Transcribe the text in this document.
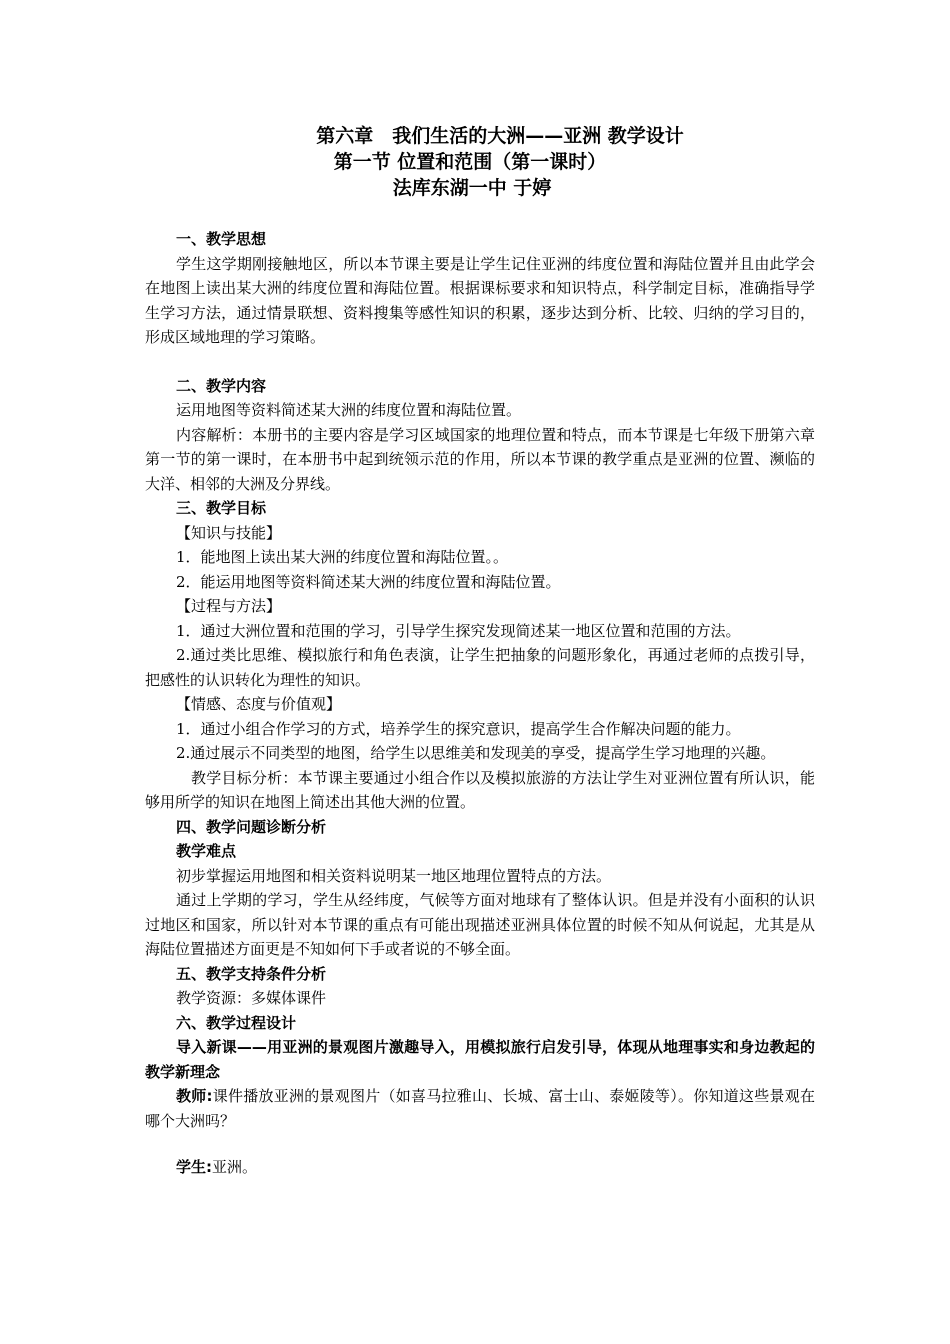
第六章　我们生活的大洲——亚洲 教学设计
第一节 位置和范围（第一课时）
法库东湖一中 于婷

一、教学思想

学生这学期刚接触地区，所以本节课主要是让学生记住亚洲的纬度位置和海陆位置并且由此学会在地图上读出某大洲的纬度位置和海陆位置。根据课标要求和知识特点，科学制定目标，准确指导学生学习方法，通过情景联想、资料搜集等感性知识的积累，逐步达到分析、比较、归纳的学习目的，形成区域地理的学习策略。

二、教学内容

运用地图等资料简述某大洲的纬度位置和海陆位置。

内容解析：本册书的主要内容是学习区域国家的地理位置和特点，而本节课是七年级下册第六章第一节的第一课时，在本册书中起到统领示范的作用，所以本节课的教学重点是亚洲的位置、濒临的大洋、相邻的大洲及分界线。

三、教学目标

【知识与技能】

1．能地图上读出某大洲的纬度位置和海陆位置。。

2．能运用地图等资料简述某大洲的纬度位置和海陆位置。

【过程与方法】

1．通过大洲位置和范围的学习，引导学生探究发现简述某一地区位置和范围的方法。

2.通过类比思维、模拟旅行和角色表演，让学生把抽象的问题形象化，再通过老师的点拨引导，把感性的认识转化为理性的知识。

【情感、态度与价值观】

1．通过小组合作学习的方式，培养学生的探究意识，提高学生合作解决问题的能力。

2.通过展示不同类型的地图，给学生以思维美和发现美的享受，提高学生学习地理的兴趣。

教学目标分析：本节课主要通过小组合作以及模拟旅游的方法让学生对亚洲位置有所认识，能够用所学的知识在地图上简述出其他大洲的位置。

四、教学问题诊断分析

教学难点

初步掌握运用地图和相关资料说明某一地区地理位置特点的方法。

通过上学期的学习，学生从经纬度，气候等方面对地球有了整体认识。但是并没有小面积的认识过地区和国家，所以针对本节课的重点有可能出现描述亚洲具体位置的时候不知从何说起，尤其是从海陆位置描述方面更是不知如何下手或者说的不够全面。

五、教学支持条件分析

教学资源：多媒体课件

六、教学过程设计

导入新课——用亚洲的景观图片激趣导入，用模拟旅行启发引导，体现从地理事实和身边教起的教学新理念

教师:课件播放亚洲的景观图片（如喜马拉雅山、长城、富士山、泰姬陵等）。你知道这些景观在哪个大洲吗？

学生:亚洲。
